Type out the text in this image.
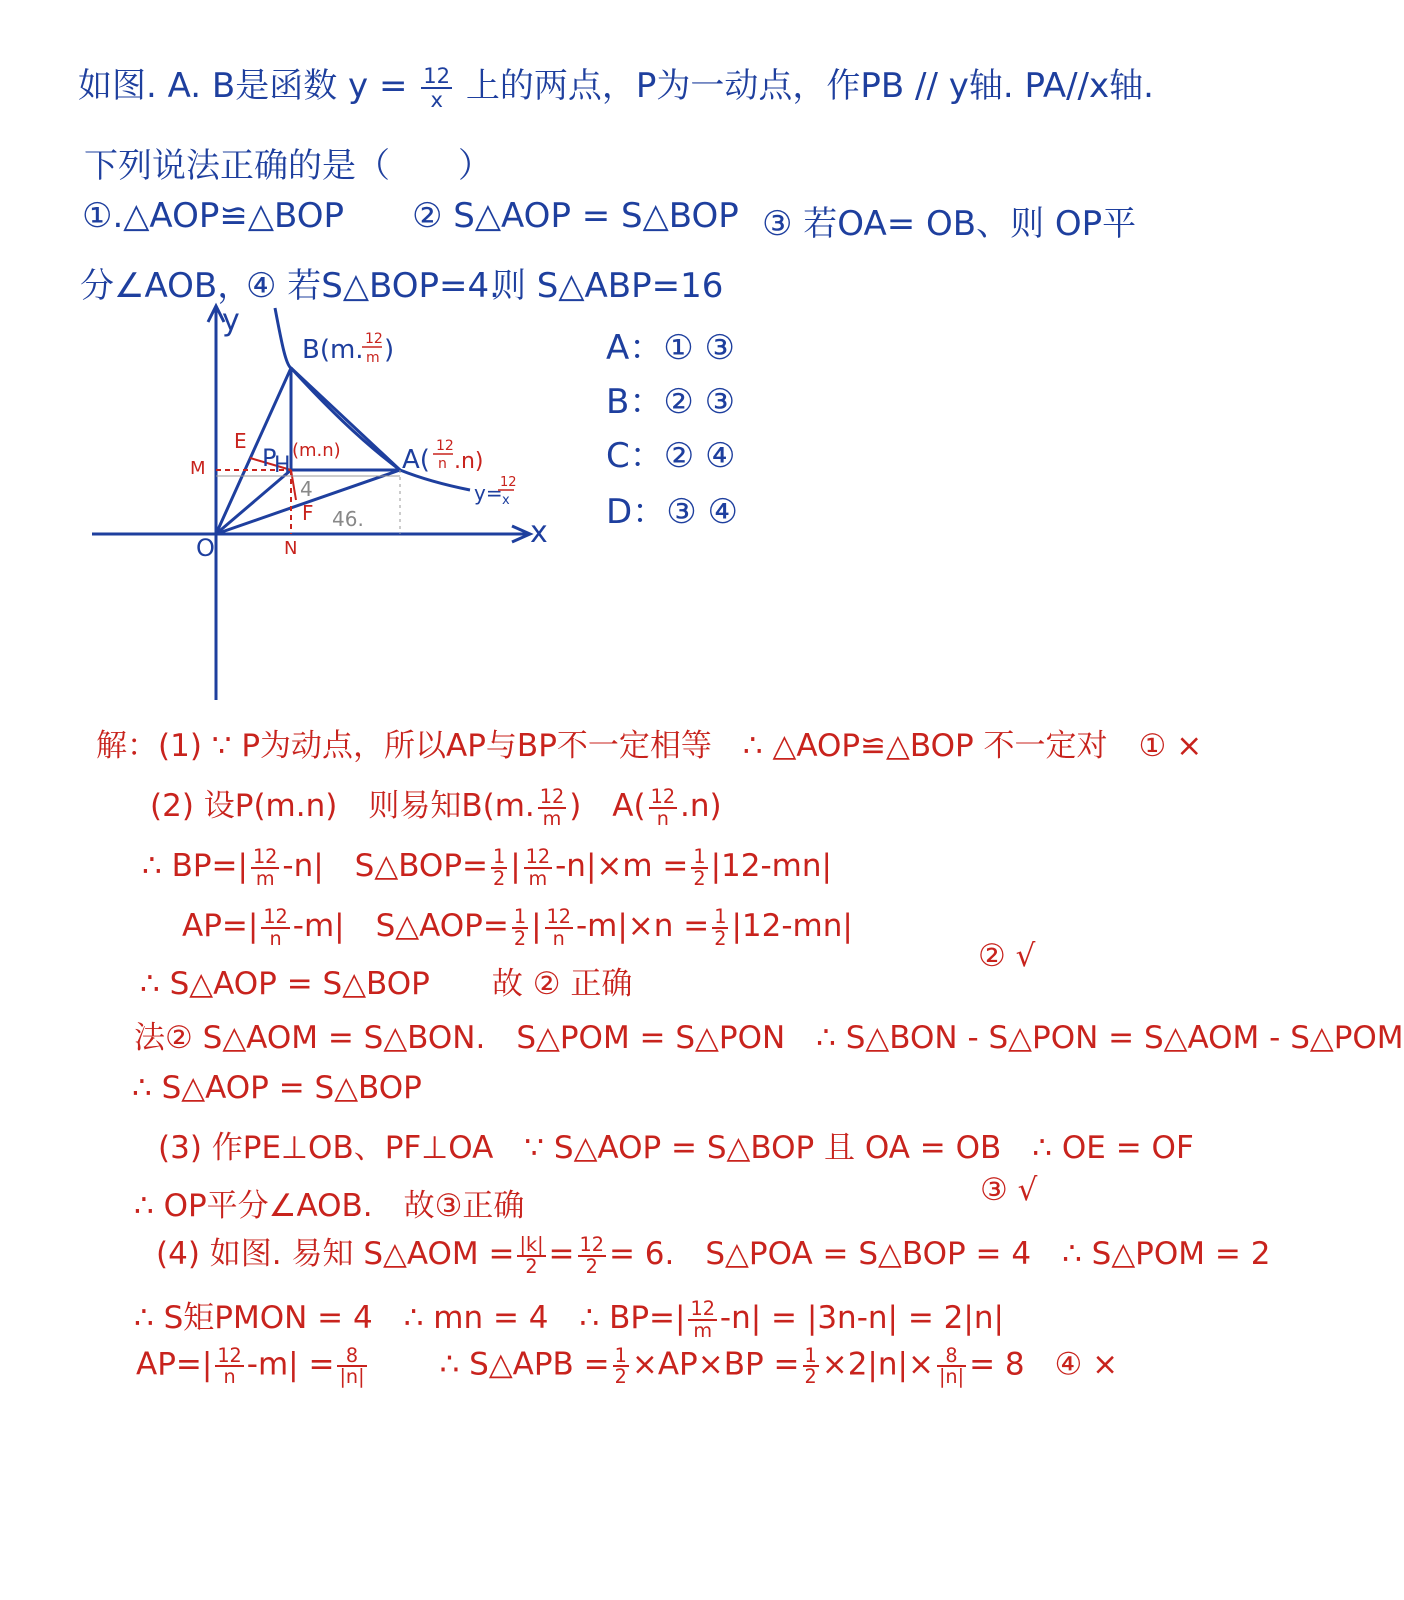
如图. A. B是函数 $y = \frac{12}{x}$ 上的两点，P为一动点，作PB // y轴. PA//x轴.
下列说法正确的是（　　）
①.△AOP≌△BOP ② S△AOP = S△BOP ③ 若OA= OB、则 OP平
分∠AOB，
④ 若S△BOP=4.
则 S△ABP=16
A：① ③
B：② ③
C：② ④
D：③ ④
y
x
O
B(m. 12
m )
A( 12
n .n)
P
H
(m.n)
E
F
M
N
y=
12
x
4
46.
解：(1) ∵ P为动点，所以AP与BP不一定相等　∴ △AOP≌△BOP 不一定对　① ×
(2) 设P(m.n)　则易知B(m. $\frac{12}{m}$ )　$A( \frac{12}{n} .n)$
∴ $BP=| \frac{12}{m} -n|$　S△BOP= $\frac{1}{2}$ | $\frac{12}{m} -n|\times m = \frac{1}{2} |12-mn|$
$AP=| \frac{12}{n} -m|$　S△AOP= $\frac{1}{2}$ | $\frac{12}{n} -m|\times n = \frac{1}{2} |12-mn|$
② √
∴ S△AOP = S△BOP　　故 ② 正确
法② S△AOM = S△BON.　S△POM = S△PON　∴ S△BON - S△PON = S△AOM - S△POM
∴ S△AOP = S△BOP
(3) 作PE⊥OB、PF⊥OA　∵ S△AOP = S△BOP 且 OA = OB　∴ OE = OF
③ √
∴ OP平分∠AOB.　故③正确
(4) 如图. 易知 S△AOM = $\frac{|k|}{2} = \frac{12}{2} = 6$.　S△POA = S△BOP = 4　∴ S△POM = 2
∴ S矩PMON = 4　∴ mn = 4　∴ $BP=| \frac{12}{m} -n| = |3n-n| = 2|n|$
$AP=| \frac{12}{n} -m| = \frac{8}{|n|}$ ∴ S△APB = $\frac{1}{2} \times AP\times BP = \frac{1}{2} \times 2|n|\times \frac{8}{|n|} = 8$ ④ ×
